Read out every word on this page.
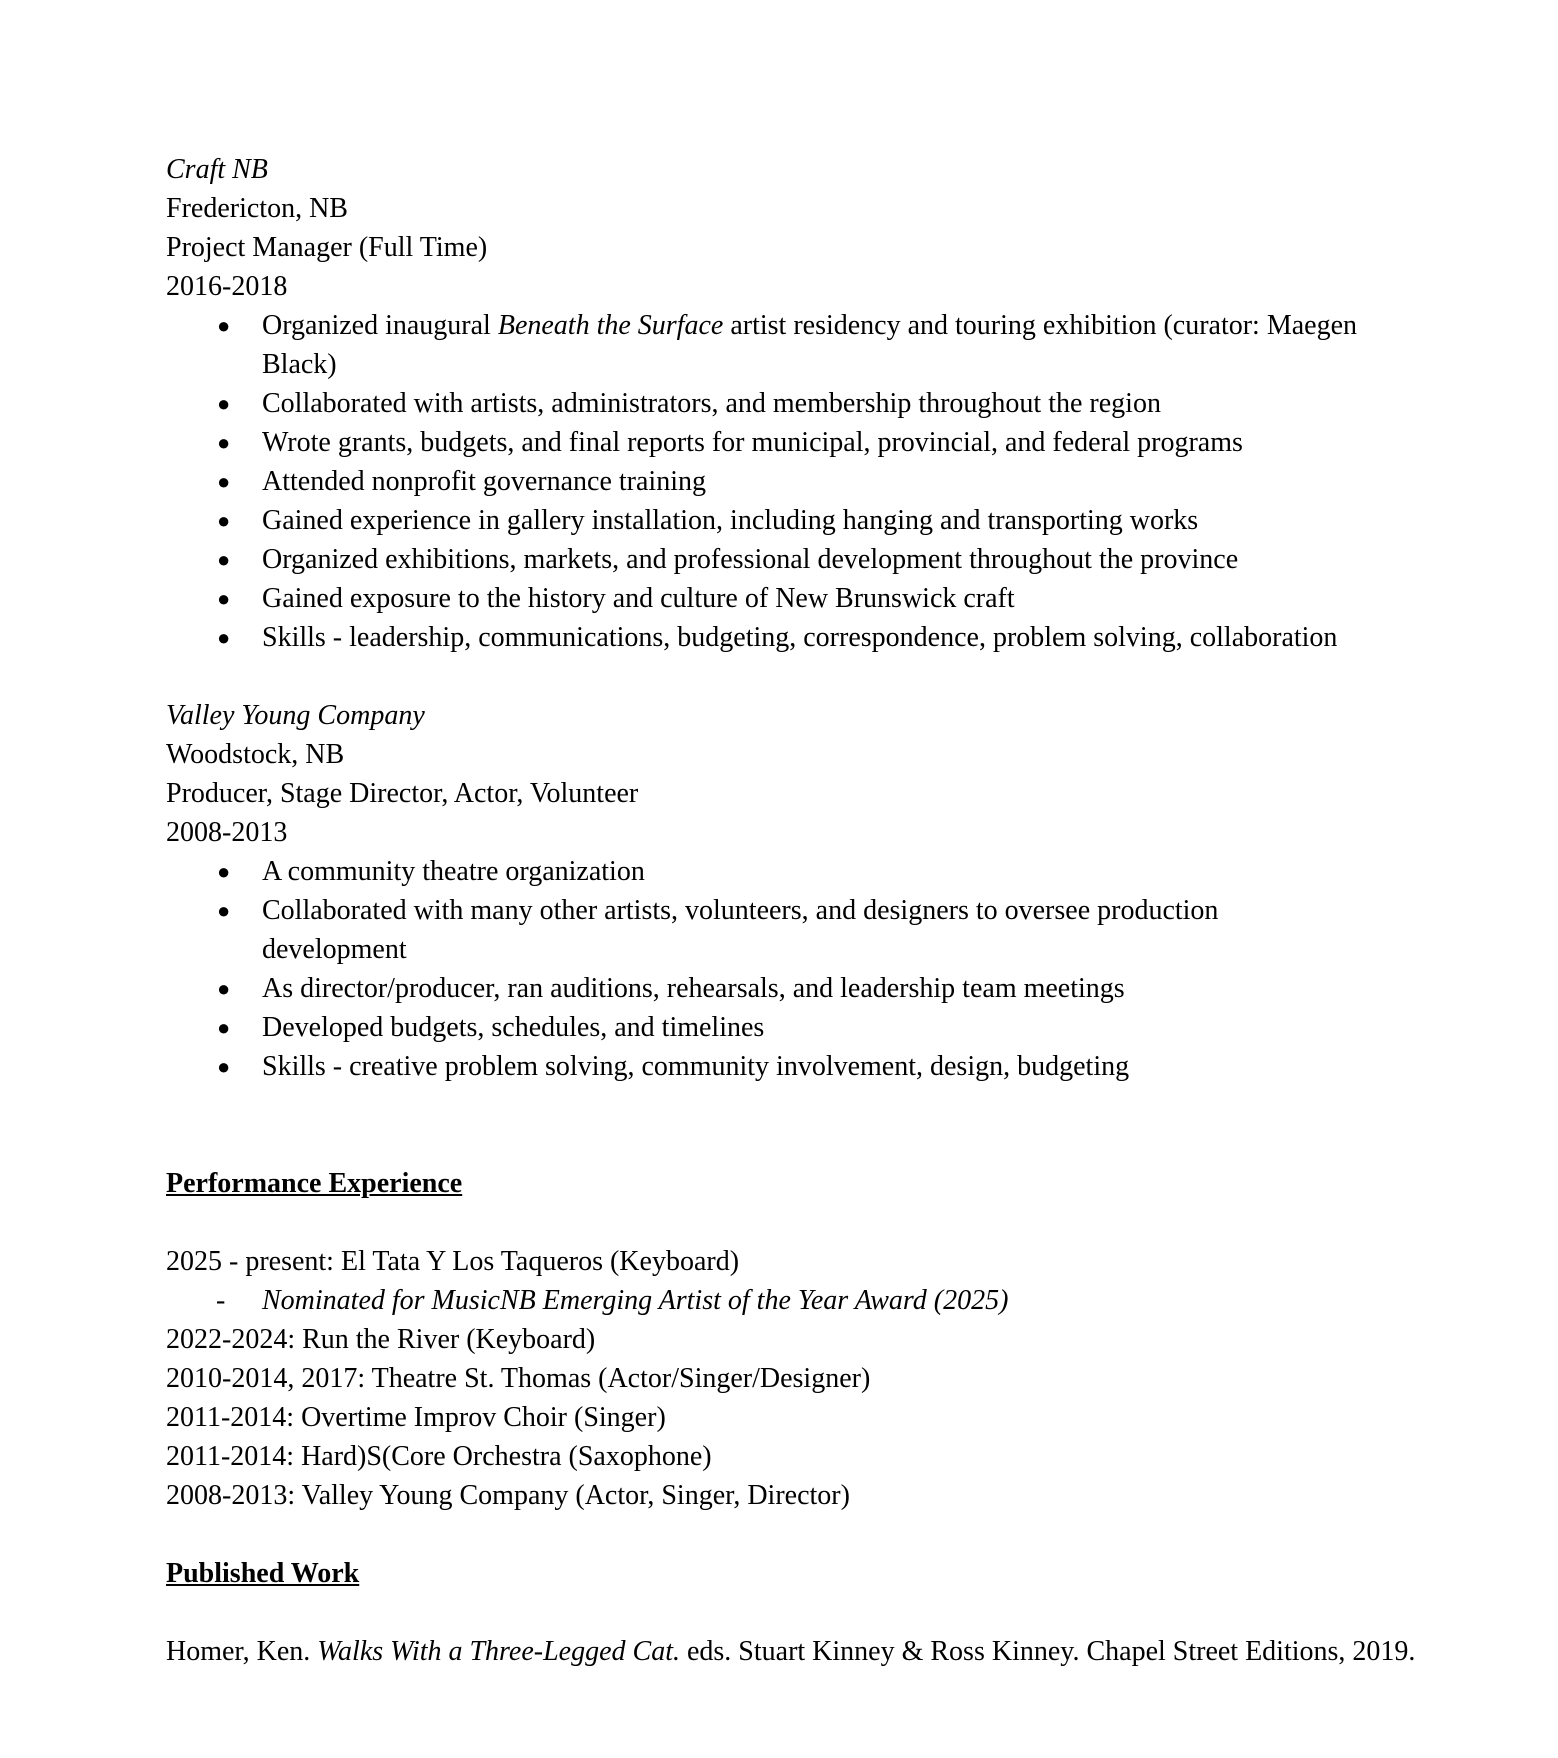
Craft NB
Fredericton, NB
Project Manager (Full Time)
2016-2018
● Organized inaugural Beneath the Surface artist residency and touring exhibition (curator: Maegen Black)
● Collaborated with artists, administrators, and membership throughout the region
● Wrote grants, budgets, and final reports for municipal, provincial, and federal programs
● Attended nonprofit governance training
● Gained experience in gallery installation, including hanging and transporting works
● Organized exhibitions, markets, and professional development throughout the province
● Gained exposure to the history and culture of New Brunswick craft
● Skills - leadership, communications, budgeting, correspondence, problem solving, collaboration
Valley Young Company
Woodstock, NB
Producer, Stage Director, Actor, Volunteer
2008-2013
● A community theatre organization
● Collaborated with many other artists, volunteers, and designers to oversee production development
● As director/producer, ran auditions, rehearsals, and leadership team meetings
● Developed budgets, schedules, and timelines
● Skills - creative problem solving, community involvement, design, budgeting
Performance Experience
2025 - present: El Tata Y Los Taqueros (Keyboard)
- Nominated for MusicNB Emerging Artist of the Year Award (2025)
2022-2024: Run the River (Keyboard)
2010-2014, 2017: Theatre St. Thomas (Actor/Singer/Designer)
2011-2014: Overtime Improv Choir (Singer)
2011-2014: Hard)S(Core Orchestra (Saxophone)
2008-2013: Valley Young Company (Actor, Singer, Director)
Published Work
Homer, Ken. Walks With a Three-Legged Cat. eds. Stuart Kinney & Ross Kinney. Chapel Street Editions, 2019.
